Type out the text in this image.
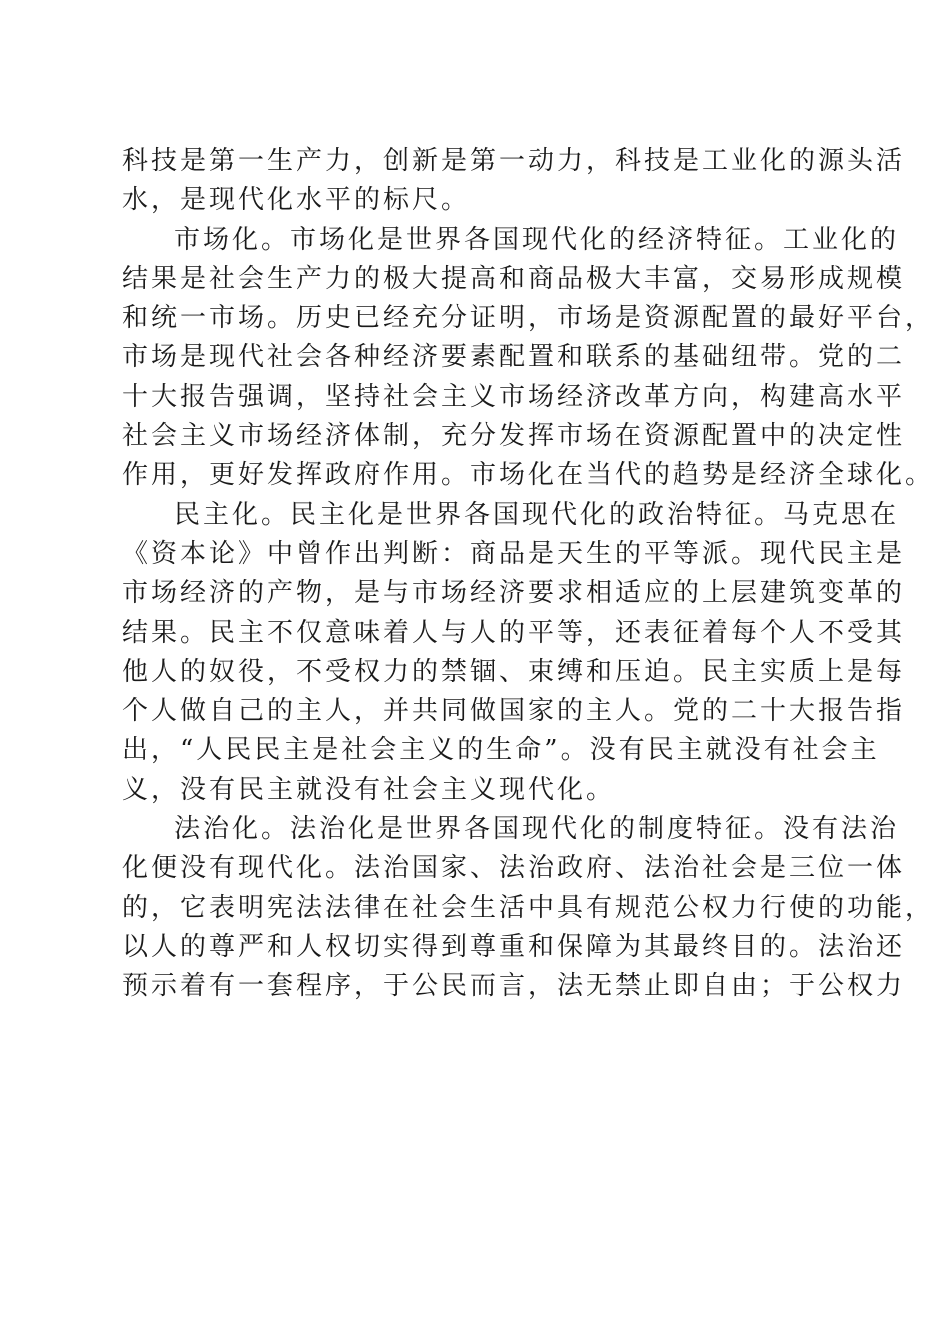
科技是第一生产力，创新是第一动力，科技是工业化的源头活
水，是现代化水平的标尺。
市场化。市场化是世界各国现代化的经济特征。工业化的
结果是社会生产力的极大提高和商品极大丰富，交易形成规模
和统一市场。历史已经充分证明，市场是资源配置的最好平台，
市场是现代社会各种经济要素配置和联系的基础纽带。党的二
十大报告强调，坚持社会主义市场经济改革方向，构建高水平
社会主义市场经济体制，充分发挥市场在资源配置中的决定性
作用，更好发挥政府作用。市场化在当代的趋势是经济全球化。
民主化。民主化是世界各国现代化的政治特征。马克思在
《资本论》中曾作出判断：商品是天生的平等派。现代民主是
市场经济的产物，是与市场经济要求相适应的上层建筑变革的
结果。民主不仅意味着人与人的平等，还表征着每个人不受其
他人的奴役，不受权力的禁锢、束缚和压迫。民主实质上是每
个人做自己的主人，并共同做国家的主人。党的二十大报告指
出，“人民民主是社会主义的生命”。没有民主就没有社会主
义，没有民主就没有社会主义现代化。
法治化。法治化是世界各国现代化的制度特征。没有法治
化便没有现代化。法治国家、法治政府、法治社会是三位一体
的，它表明宪法法律在社会生活中具有规范公权力行使的功能，
以人的尊严和人权切实得到尊重和保障为其最终目的。法治还
预示着有一套程序，于公民而言，法无禁止即自由；于公权力
